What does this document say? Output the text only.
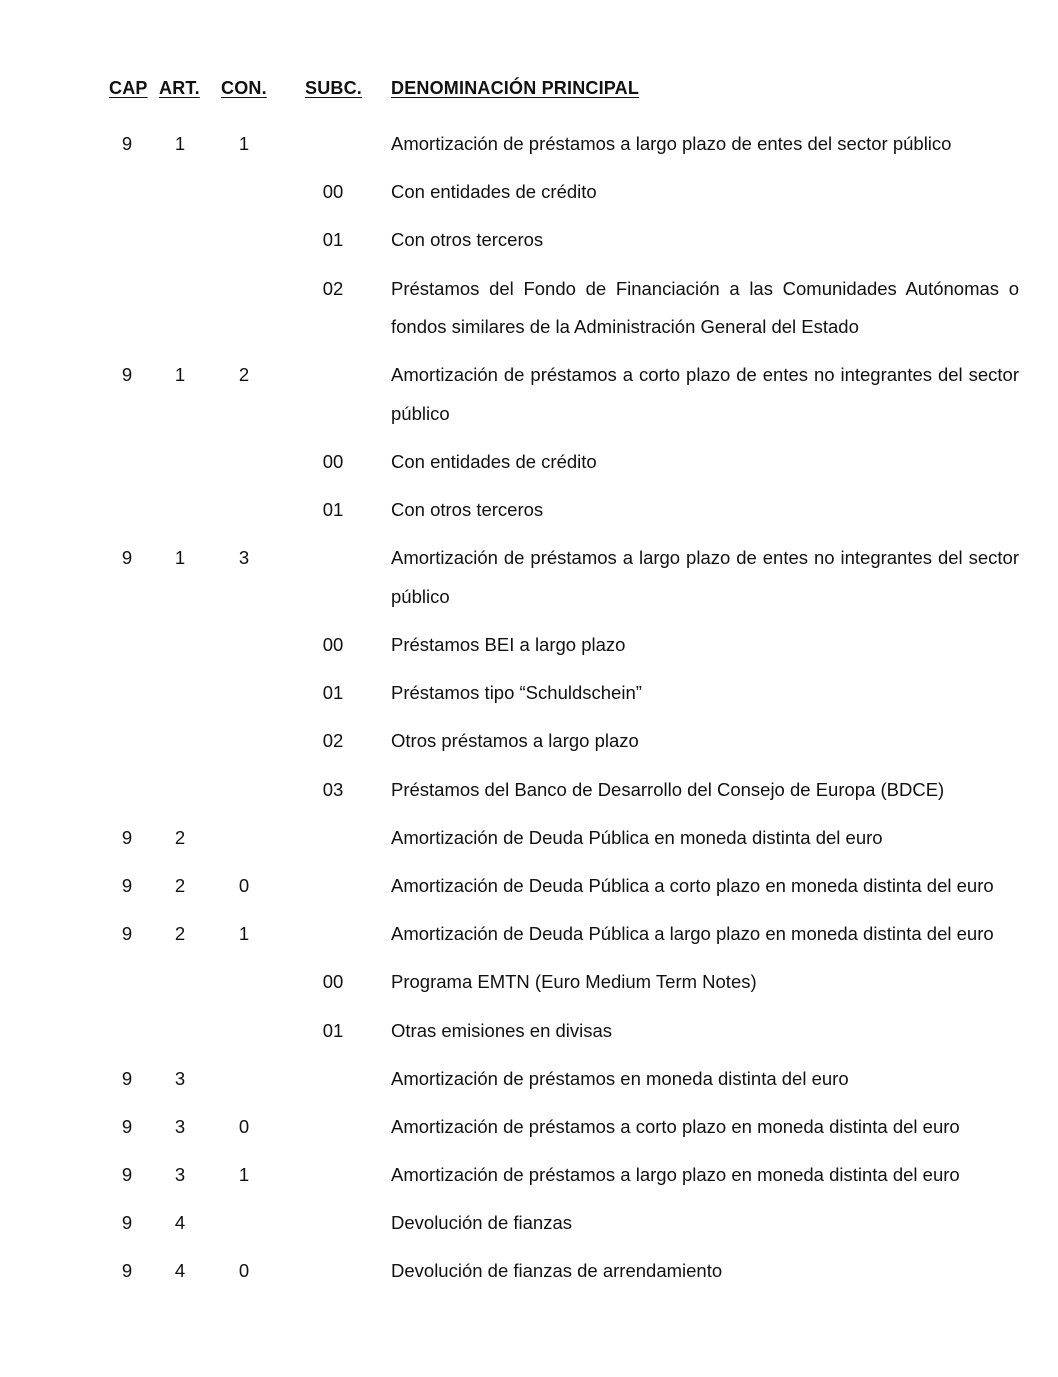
CAP ART. CON. SUBC. DENOMINACIÓN PRINCIPAL
9	1	1	Amortización de préstamos a largo plazo de entes del sector público
00	Con entidades de crédito
01	Con otros terceros
02	Préstamos del Fondo de Financiación a las Comunidades Autónomas o fondos similares de la Administración General del Estado
9	1	2	Amortización de préstamos a corto plazo de entes no integrantes del sector público
00	Con entidades de crédito
01	Con otros terceros
9	1	3	Amortización de préstamos a largo plazo de entes no integrantes del sector público
00	Préstamos BEI a largo plazo
01	Préstamos tipo “Schuldschein”
02	Otros préstamos a largo plazo
03	Préstamos del Banco de Desarrollo del Consejo de Europa (BDCE)
9	2	Amortización de Deuda Pública en moneda distinta del euro
9	2	0	Amortización de Deuda Pública a corto plazo en moneda distinta del euro
9	2	1	Amortización de Deuda Pública a largo plazo en moneda distinta del euro
00	Programa EMTN (Euro Medium Term Notes)
01	Otras emisiones en divisas
9	3	Amortización de préstamos en moneda distinta del euro
9	3	0	Amortización de préstamos a corto plazo en moneda distinta del euro
9	3	1	Amortización de préstamos a largo plazo en moneda distinta del euro
9	4	Devolución de fianzas
9	4	0	Devolución de fianzas de arrendamiento
